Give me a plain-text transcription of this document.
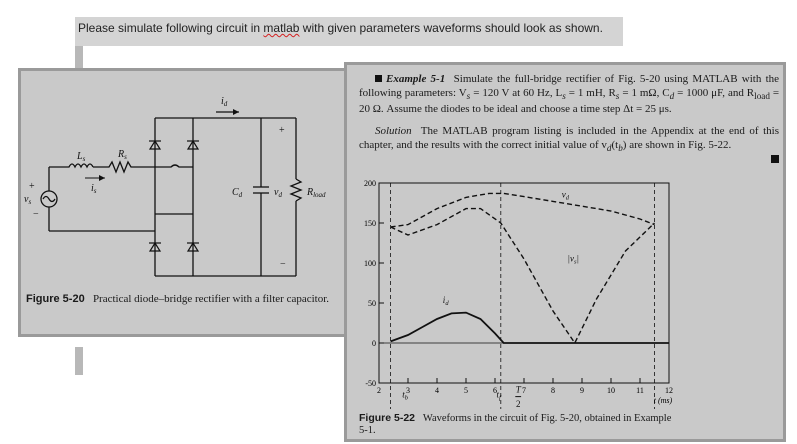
Please simulate following circuit in matlab with given parameters waveforms should look as shown.
$v_s$
+
−
$L_s$	$R_s$
$i_s$
$i_d$
$C_d$	$v_d$	$R_{load}$
+
−
Figure 5-20 Practical diode–bridge rectifier with a filter capacitor.
Example 5-1 Simulate the full-bridge rectifier of Fig. 5-20 using MATLAB with the following parameters: $V_s = 120$ V at 60 Hz, $L_s = 1$ mH, $R_s = 1$ mΩ, $C_d = 1000$ μF, and $R_{load} = 20$ Ω. Assume the diodes to be ideal and choose a time step Δt = 25 μs.
Solution The MATLAB program listing is included in the Appendix at the end of this chapter, and the results with the correct initial value of $v_d(t_b)$ are shown in Fig. 5-22.
-50
0
50
100
150
200
2	3	4	5	6	7	8	9	10	11	12
t (ms)
$v_d$
$|v_s|$
$i_d$
$t_b$	$t_f$
T
2
Figure 5-22 Waveforms in the circuit of Fig. 5-20, obtained in Example 5-1.
